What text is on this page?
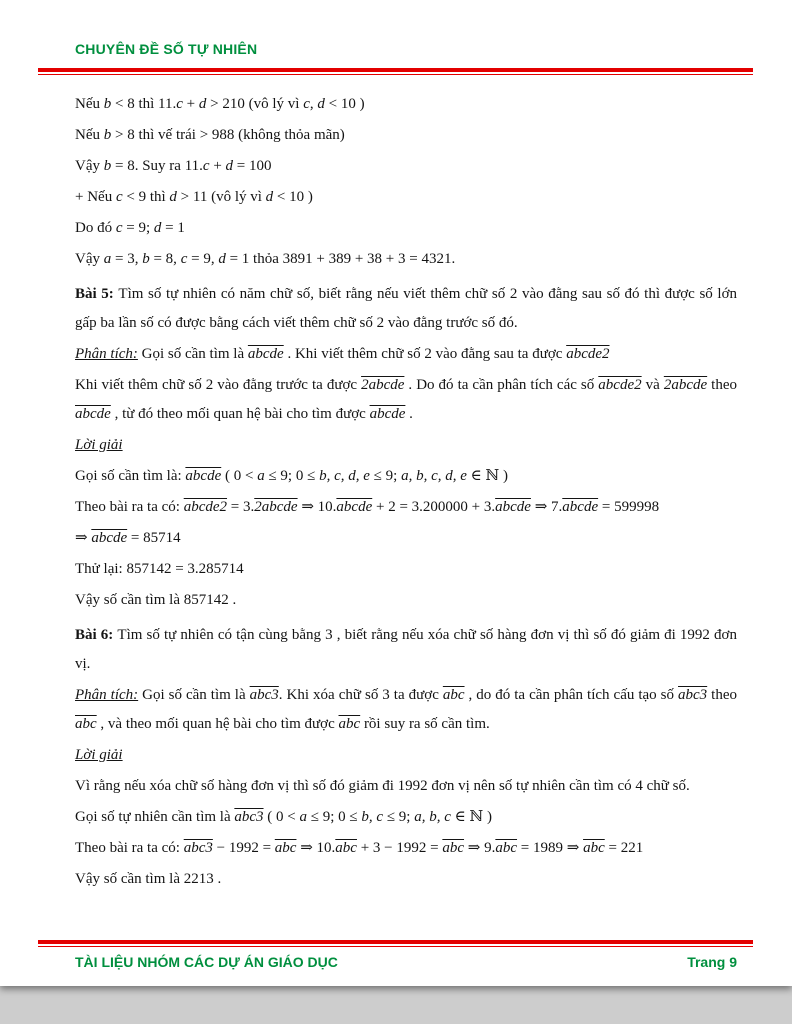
CHUYÊN ĐỀ SỐ TỰ NHIÊN

Nếu b < 8 thì 11.c + d > 210 (vô lý vì c, d < 10 )

Nếu b > 8 thì vế trái > 988 (không thỏa mãn)

Vậy b = 8. Suy ra 11.c + d = 100

+ Nếu c < 9 thì d > 11 (vô lý vì d < 10 )

Do đó c = 9; d = 1

Vậy a = 3, b = 8, c = 9, d = 1 thỏa 3891 + 389 + 38 + 3 = 4321.

Bài 5: Tìm số tự nhiên có năm chữ số, biết rằng nếu viết thêm chữ số 2 vào đằng sau số đó thì được số lớn gấp ba lần số có được bằng cách viết thêm chữ số 2 vào đằng trước số đó.

Phân tích: Gọi số cần tìm là abcde . Khi viết thêm chữ số 2 vào đằng sau ta được abcde2

Khi viết thêm chữ số 2 vào đằng trước ta được 2abcde . Do đó ta cần phân tích các số abcde2 và 2abcde theo abcde , từ đó theo mối quan hệ bài cho tìm được abcde .

Lời giải

Gọi số cần tìm là: abcde ( 0 < a ≤ 9; 0 ≤ b, c, d, e ≤ 9; a, b, c, d, e ∈ ℕ )

Theo bài ra ta có: abcde2 = 3.2abcde ⇒ 10.abcde + 2 = 3.200000 + 3.abcde ⇒ 7.abcde = 599998

⇒ abcde = 85714

Thử lại: 857142 = 3.285714

Vậy số cần tìm là 857142 .

Bài 6: Tìm số tự nhiên có tận cùng bằng 3 , biết rằng nếu xóa chữ số hàng đơn vị thì số đó giảm đi 1992 đơn vị.

Phân tích: Gọi số cần tìm là abc3. Khi xóa chữ số 3 ta được $\overline{abc}$ , do đó ta cần phân tích cấu tạo số abc3 theo $\overline{abc}$ , và theo mối quan hệ bài cho tìm được $\overline{abc}$ rồi suy ra số cần tìm.

Lời giải

Vì rằng nếu xóa chữ số hàng đơn vị thì số đó giảm đi 1992 đơn vị nên số tự nhiên cần tìm có 4 chữ số.

Gọi số tự nhiên cần tìm là abc3 ( 0 < a ≤ 9; 0 ≤ b, c ≤ 9; a, b, c ∈ ℕ )

Theo bài ra ta có: $abc3 - 1992 = \overline{abc}$ ⇒ $10.\overline{abc} + 3 - 1992 = \overline{abc}$ ⇒ $9.\overline{abc} = 1989$ ⇒ $\overline{abc} = 221$

Vậy số cần tìm là 2213 .

TÀI LIỆU NHÓM CÁC DỰ ÁN GIÁO DỤC	Trang 9
